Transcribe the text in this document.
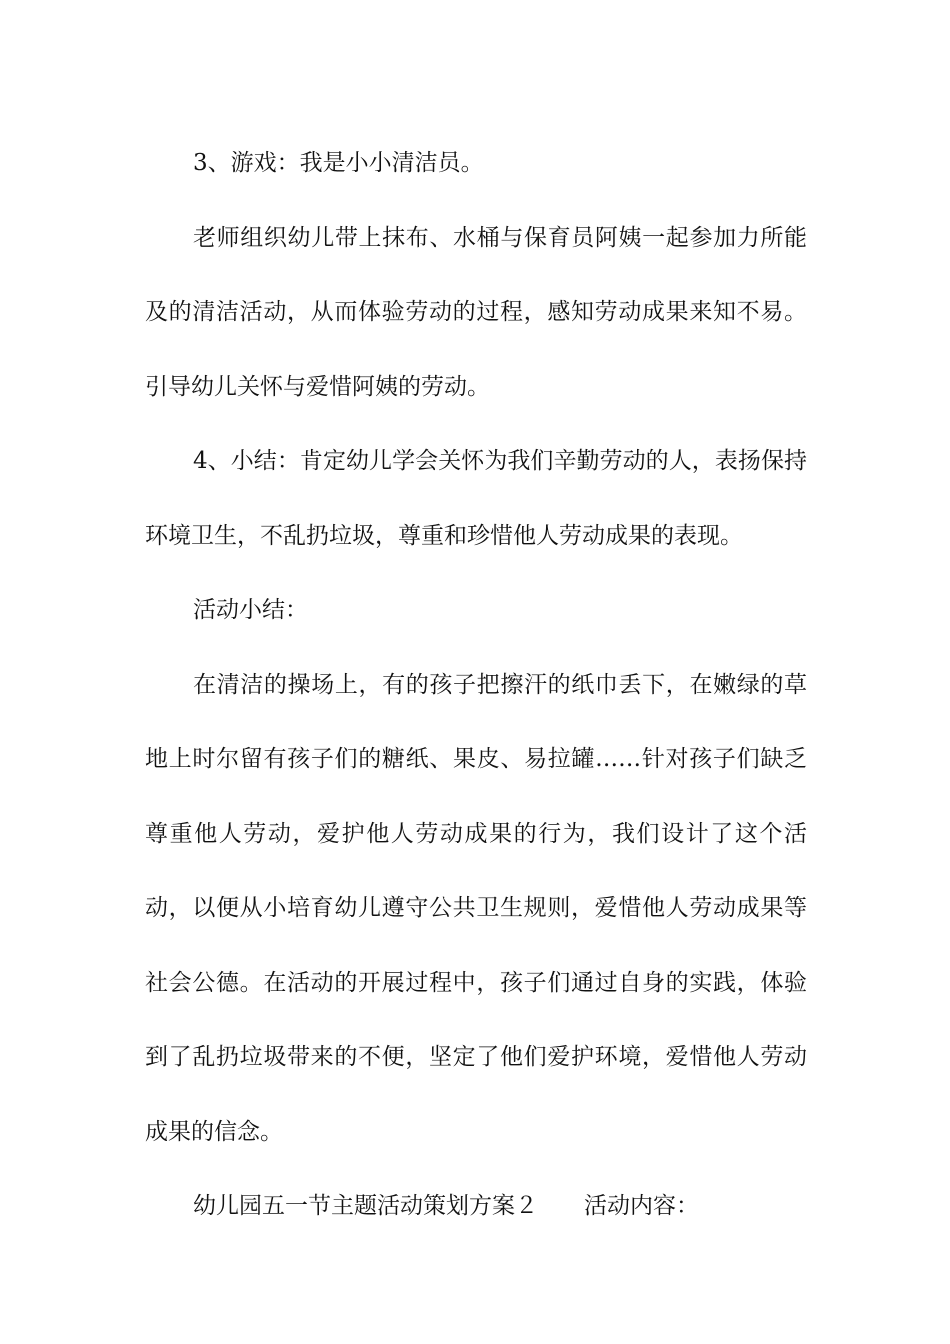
3、游戏：我是小小清洁员。

老师组织幼儿带上抹布、水桶与保育员阿姨一起参加力所能及的清洁活动，从而体验劳动的过程，感知劳动成果来知不易。引导幼儿关怀与爱惜阿姨的劳动。

4、小结：肯定幼儿学会关怀为我们辛勤劳动的人，表扬保持环境卫生，不乱扔垃圾，尊重和珍惜他人劳动成果的表现。

活动小结：

在清洁的操场上，有的孩子把擦汗的纸巾丢下，在嫩绿的草地上时尔留有孩子们的糖纸、果皮、易拉罐……针对孩子们缺乏尊重他人劳动，爱护他人劳动成果的行为，我们设计了这个活动，以便从小培育幼儿遵守公共卫生规则，爱惜他人劳动成果等社会公德。在活动的开展过程中，孩子们通过自身的实践，体验到了乱扔垃圾带来的不便，坚定了他们爱护环境，爱惜他人劳动成果的信念。

幼儿园五一节主题活动策划方案２ 活动内容：
